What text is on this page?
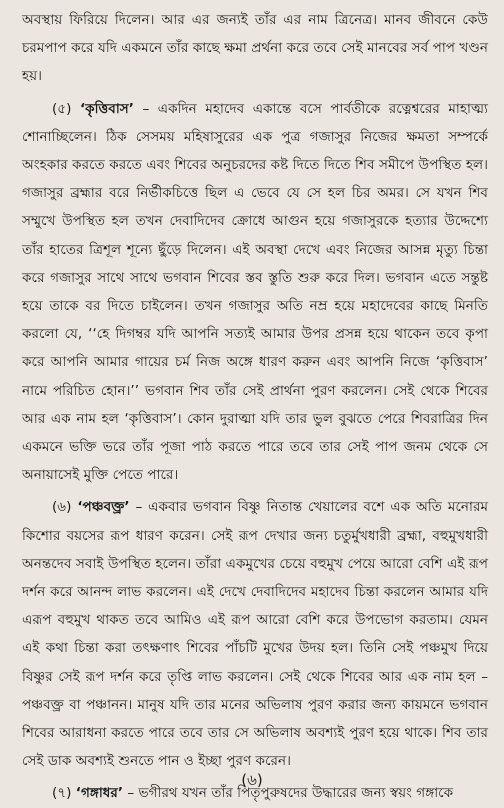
অবস্থায় ফিরিয়ে দিলেন। আর এর জন্যই তাঁর এর নাম ত্রিনেত্র। মানব জীবনে কেউ চরমপাপ করে যদি একমনে তাঁর কাছে ক্ষমা প্রর্থনা করে তবে সেই মানবের সর্ব পাপ খণ্ডন হয়।

(৫) ‘কৃত্তিবাস’ – একদিন মহাদেব একান্তে বসে পার্বতীকে রত্নেশ্বরের মাহাত্ম্য শোনাচ্ছিলেন। ঠিক সেসময় মহিষাসুরের এক পুত্র গজাসুর নিজের ক্ষমতা সম্পর্কে অংহকার করতে করতে এবং শিবের অনুচরদের কষ্ট দিতে দিতে শিব সমীপে উপস্থিত হল। গজাসুর ব্রহ্মার বরে নির্ভীকচিত্তে ছিল এ ভেবে যে সে হল চির অমর। সে যখন শিব সম্মুখে উপস্থিত হল তখন দেবাদিদেব ক্রোধে আগুন হয়ে গজাসুরকে হত্যার উদ্দেশ্যে তাঁর হাতের ত্রিশূল শূন্যে ছুঁড়ে দিলেন। এই অবস্থা দেখে এবং নিজের আসন্ন মৃত্যু চিন্তা করে গজাসুর সাথে সাথে ভগবান শিবের স্তব স্তুতি শুরু করে দিল। ভগবান এতে সন্তুষ্ট হয়ে তাকে বর দিতে চাইলেন। তখন গজাসুর অতি নম্র হয়ে মহাদেবের কাছে মিনতি করলো যে, ‘‘হে দিগম্বর যদি আপনি সত্যই আমার উপর প্রসন্ন হয়ে থাকেন তবে কৃপা করে আপনি আমার গায়ের চর্ম নিজ অঙ্গে ধারণ করুন এবং আপনি নিজে ‘কৃত্তিবাস’ নামে পরিচিত হোন।’’ ভগবান শিব তাঁর সেই প্রার্থনা পুরণ করলেন। সেই থেকে শিবের আর এক নাম হল ‘কৃত্তিবাস’। কোন দুরাত্মা যদি তার ভুল বুঝতে পেরে শিবরাত্রির দিন একমনে ভক্তি ভরে তাঁর পূজা পাঠ করতে পারে তবে তার সেই পাপ জনম থেকে সে অনায়াসেই মুক্তি পেতে পারে।

(৬) ‘পঞ্চবক্ত্র’ – একবার ভগবান বিষ্ণু নিতান্ত খেয়ালের বশে এক অতি মনোরম কিশোর বয়সের রূপ ধারণ করেন। সেই রূপ দেখার জন্য চতুর্মুখধারী ব্রহ্মা, বহুমুখধারী অনন্তদেব সবাই উপস্থিত হলেন। তাঁরা একমুখের চেয়ে বহুমুখ পেয়ে আরো বেশি এই রূপ দর্শন করে আনন্দ লাভ করলেন। এই দেখে দেবাদিদেব মহাদেব চিন্তা করলেন আমার যদি এরূপ বহুমুখ থাকত তবে আমিও এই রূপ আরো বেশি করে উপভোগ করতাম। যেমন এই কথা চিন্তা করা তৎক্ষণাৎ শিবের পাঁচটি মুখের উদয় হল। তিনি সেই পঞ্চমুখ দিয়ে বিষ্ণুর সেই রূপ দর্শন করে তৃপ্তি লাভ করলেন। সেই থেকে শিবের আর এক নাম হল – পঞ্চবক্ত্র বা পঞ্চানন। মানুষ যদি তার মনের অভিলাষ পুরণ করার জন্য কায়মনে ভগবান শিবের আরাধনা করতে পারে তবে তার সে অভিলাষ অবশ্যই পুরণ হয়ে থাকে। শিব তার সেই ডাক অবশ্যই শুনতে পান ও ইচ্ছা পুরণ করেন।

(৭) ‘গঙ্গাধর’ – ভগীরথ যখন তাঁর পিতৃপুরুষদের উদ্ধারের জন্য স্বয়ং গঙ্গাকে

(৬)
